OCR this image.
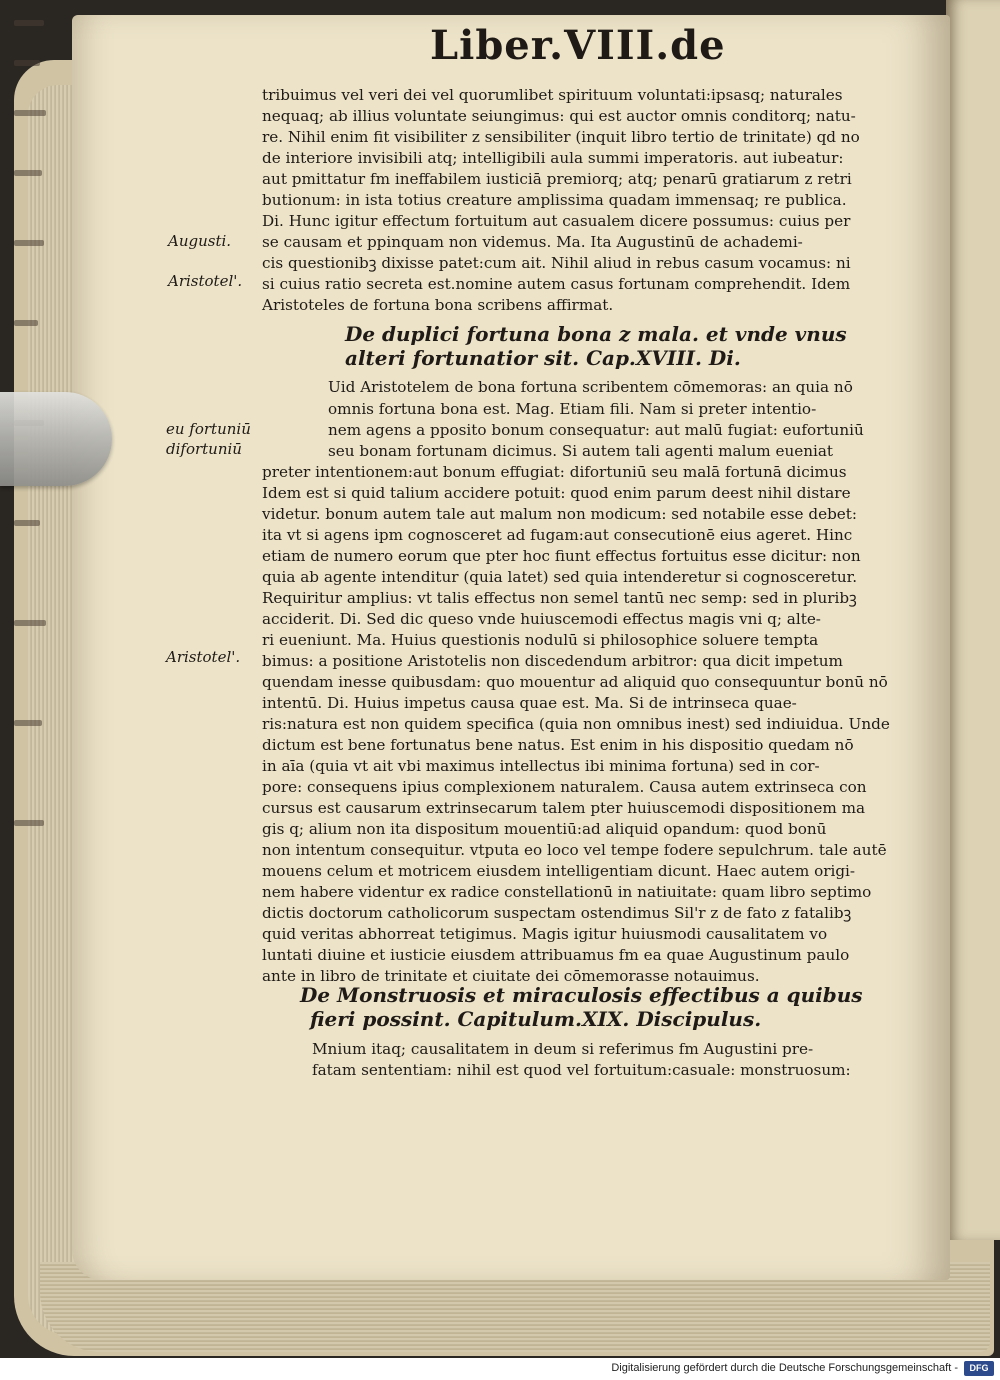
Liber.VIII.de
tribuimus vel veri dei vel quorumlibet spirituum voluntati:ipsasq; naturales
nequaq; ab illius voluntate seiungimus: qui est auctor omnis conditorq; natu-
re. Nihil enim fit visibiliter z sensibiliter (inquit libro tertio de trinitate) qd no
de interiore invisibili atq; intelligibili aula summi imperatoris. aut iubeatur:
aut pmittatur fm ineffabilem iusticiā premiorq; atq; penarū gratiarum z retri
butionum: in ista totius creature amplissima quadam immensaq; re publica.
Di. Hunc igitur effectum fortuitum aut casualem dicere possumus: cuius per
se causam et ppinquam non videmus. Ma. Ita Augustinū de achademi-
cis questionibꝫ dixisse patet:cum ait. Nihil aliud in rebus casum vocamus: ni
si cuius ratio secreta est.nomine autem casus fortunam comprehendit. Idem
Aristoteles de fortuna bona scribens affirmat.
De duplici fortuna bona z mala. et vnde vnus
alteri fortunatior sit. Cap.XVIII. Di.
Uid Aristotelem de bona fortuna scribentem cōmemoras: an quia nō
omnis fortuna bona est. Mag. Etiam fili. Nam si preter intentio-
nem agens a pposito bonum consequatur: aut malū fugiat: eufortuniū
seu bonam fortunam dicimus. Si autem tali agenti malum eueniat
preter intentionem:aut bonum effugiat: difortuniū seu malā fortunā dicimus
Idem est si quid talium accidere potuit: quod enim parum deest nihil distare
videtur. bonum autem tale aut malum non modicum: sed notabile esse debet:
ita vt si agens ipm cognosceret ad fugam:aut consecutionē eius ageret. Hinc
etiam de numero eorum que pter hoc fiunt effectus fortuitus esse dicitur: non
quia ab agente intenditur (quia latet) sed quia intenderetur si cognosceretur.
Requiritur amplius: vt talis effectus non semel tantū nec semp: sed in pluribꝫ
acciderit. Di. Sed dic queso vnde huiuscemodi effectus magis vni q; alte-
ri eueniunt. Ma. Huius questionis nodulū si philosophice soluere tempta
bimus: a positione Aristotelis non discedendum arbitror: qua dicit impetum
quendam inesse quibusdam: quo mouentur ad aliquid quo consequuntur bonū nō
intentū. Di. Huius impetus causa quae est. Ma. Si de intrinseca quae-
ris:natura est non quidem specifica (quia non omnibus inest) sed indiuidua. Unde
dictum est bene fortunatus bene natus. Est enim in his dispositio quedam nō
in aīa (quia vt ait vbi maximus intellectus ibi minima fortuna) sed in cor-
pore: consequens ipius complexionem naturalem. Causa autem extrinseca con
cursus est causarum extrinsecarum talem pter huiuscemodi dispositionem ma
gis q; alium non ita dispositum mouentiū:ad aliquid opandum: quod bonū
non intentum consequitur. vtputa eo loco vel tempe fodere sepulchrum. tale autē
mouens celum et motricem eiusdem intelligentiam dicunt. Haec autem origi-
nem habere videntur ex radice constellationū in natiuitate: quam libro septimo
dictis doctorum catholicorum suspectam ostendimus Sil'r z de fato z fatalibꝫ
quid veritas abhorreat tetigimus. Magis igitur huiusmodi causalitatem vo
luntati diuine et iusticie eiusdem attribuamus fm ea quae Augustinum paulo
ante in libro de trinitate et ciuitate dei cōmemorasse notauimus.
De Monstruosis et miraculosis effectibus a quibus
fieri possint. Capitulum.XIX. Discipulus.
Mnium itaq; causalitatem in deum si referimus fm Augustini pre-
fatam sententiam: nihil est quod vel fortuitum:casuale: monstruosum:
Augusti.
Aristotel'.
eu fortuniū
difortuniū
Aristotel'.
Digitalisierung gefördert durch die Deutsche Forschungsgemeinschaft -	DFG
